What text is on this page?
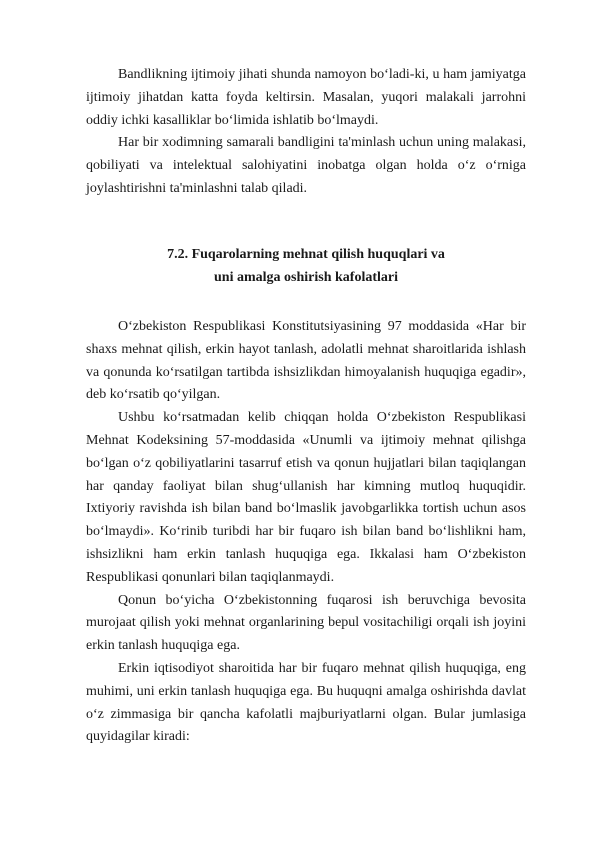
Bandlikning ijtimoiy jihati shunda namoyon bo‘ladi-ki, u ham jamiyatga ijtimoiy jihatdan katta foyda keltirsin. Masalan, yuqori malakali jarrohni oddiy ichki kasalliklar bo‘limida ishlatib bo‘lmaydi.

Har bir xodimning samarali bandligini ta'minlash uchun uning malakasi, qobiliyati va intelektual salohiyatini inobatga olgan holda o‘z o‘rniga joylashtirishni ta'minlashni talab qiladi.

7.2. Fuqarolarning mehnat qilish huquqlari va
uni amalga oshirish kafolatlari

O‘zbekiston Respublikasi Konstitutsiyasining 97 moddasida «Har bir shaxs mehnat qilish, erkin hayot tanlash, adolatli mehnat sharoitlarida ishlash va qonunda ko‘rsatilgan tartibda ishsizlikdan himoyalanish huquqiga egadir», deb ko‘rsatib qo‘yilgan.

Ushbu ko‘rsatmadan kelib chiqqan holda O‘zbekiston Respublikasi Mehnat Kodeksining 57-moddasida «Unumli va ijtimoiy mehnat qilishga bo‘lgan o‘z qobiliyatlarini tasarruf etish va qonun hujjatlari bilan taqiqlangan har qanday faoliyat bilan shug‘ullanish har kimning mutloq huquqidir. Ixtiyoriy ravishda ish bilan band bo‘lmaslik javobgarlikka tortish uchun asos bo‘lmaydi». Ko‘rinib turibdi har bir fuqaro ish bilan band bo‘lishlikni ham, ishsizlikni ham erkin tanlash huquqiga ega. Ikkalasi ham O‘zbekiston Respublikasi qonunlari bilan taqiqlanmaydi.

Qonun bo‘yicha O‘zbekistonning fuqarosi ish beruvchiga bevosita murojaat qilish yoki mehnat organlarining bepul vositachiligi orqali ish joyini erkin tanlash huquqiga ega.

Erkin iqtisodiyot sharoitida har bir fuqaro mehnat qilish huquqiga, eng muhimi, uni erkin tanlash huquqiga ega. Bu huquqni amalga oshirishda davlat o‘z zimmasiga bir qancha kafolatli majburiyatlarni olgan. Bular jumlasiga quyidagilar kiradi:
